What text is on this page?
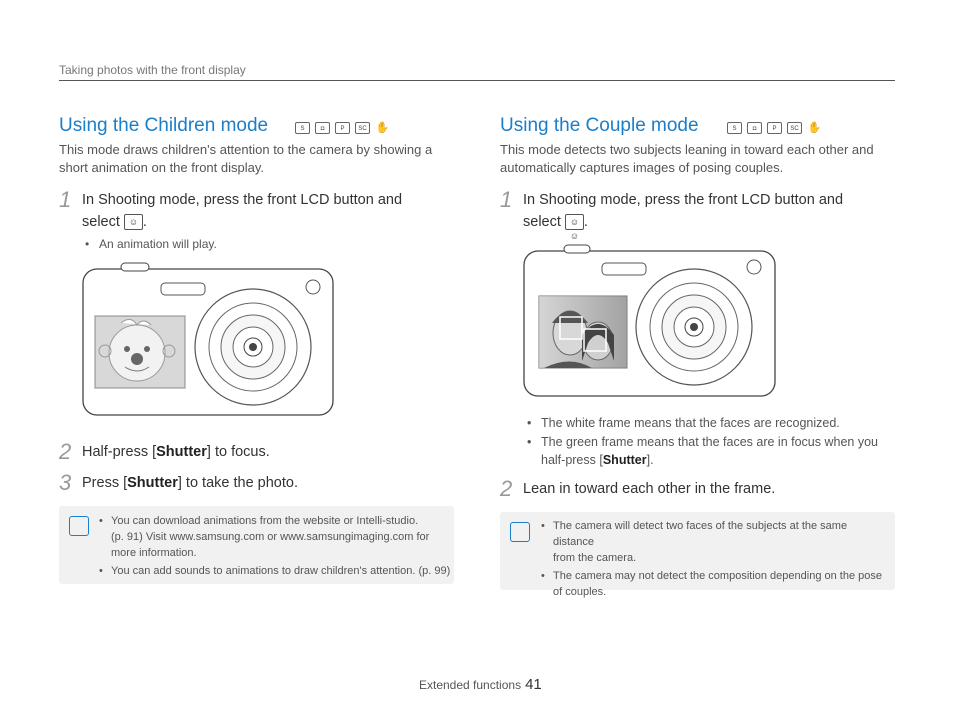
Taking photos with the front display
Using the Children mode	S	◘	P	SC ✋
This mode draws children's attention to the camera by showing a short animation on the front display.
1 In Shooting mode, press the front LCD button and
select ☺ .
• An animation will play.
2 Half-press [Shutter] to focus.
3 Press [Shutter] to take the photo.
• You can download animations from the website or Intelli-studio.
(p. 91) Visit www.samsung.com or www.samsungimaging.com for
more information.
• You can add sounds to animations to draw children's attention. (p. 99)
Using the Couple mode	S	◘	P	SC ✋
This mode detects two subjects leaning in toward each other and automatically captures images of posing couples.
1 In Shooting mode, press the front LCD button and
select ☺☺.
• The white frame means that the faces are recognized.
• The green frame means that the faces are in focus when you
half-press [Shutter].
2 Lean in toward each other in the frame.
• The camera will detect two faces of the subjects at the same distance
from the camera.
• The camera may not detect the composition depending on the pose
of couples.
Extended functions 41
